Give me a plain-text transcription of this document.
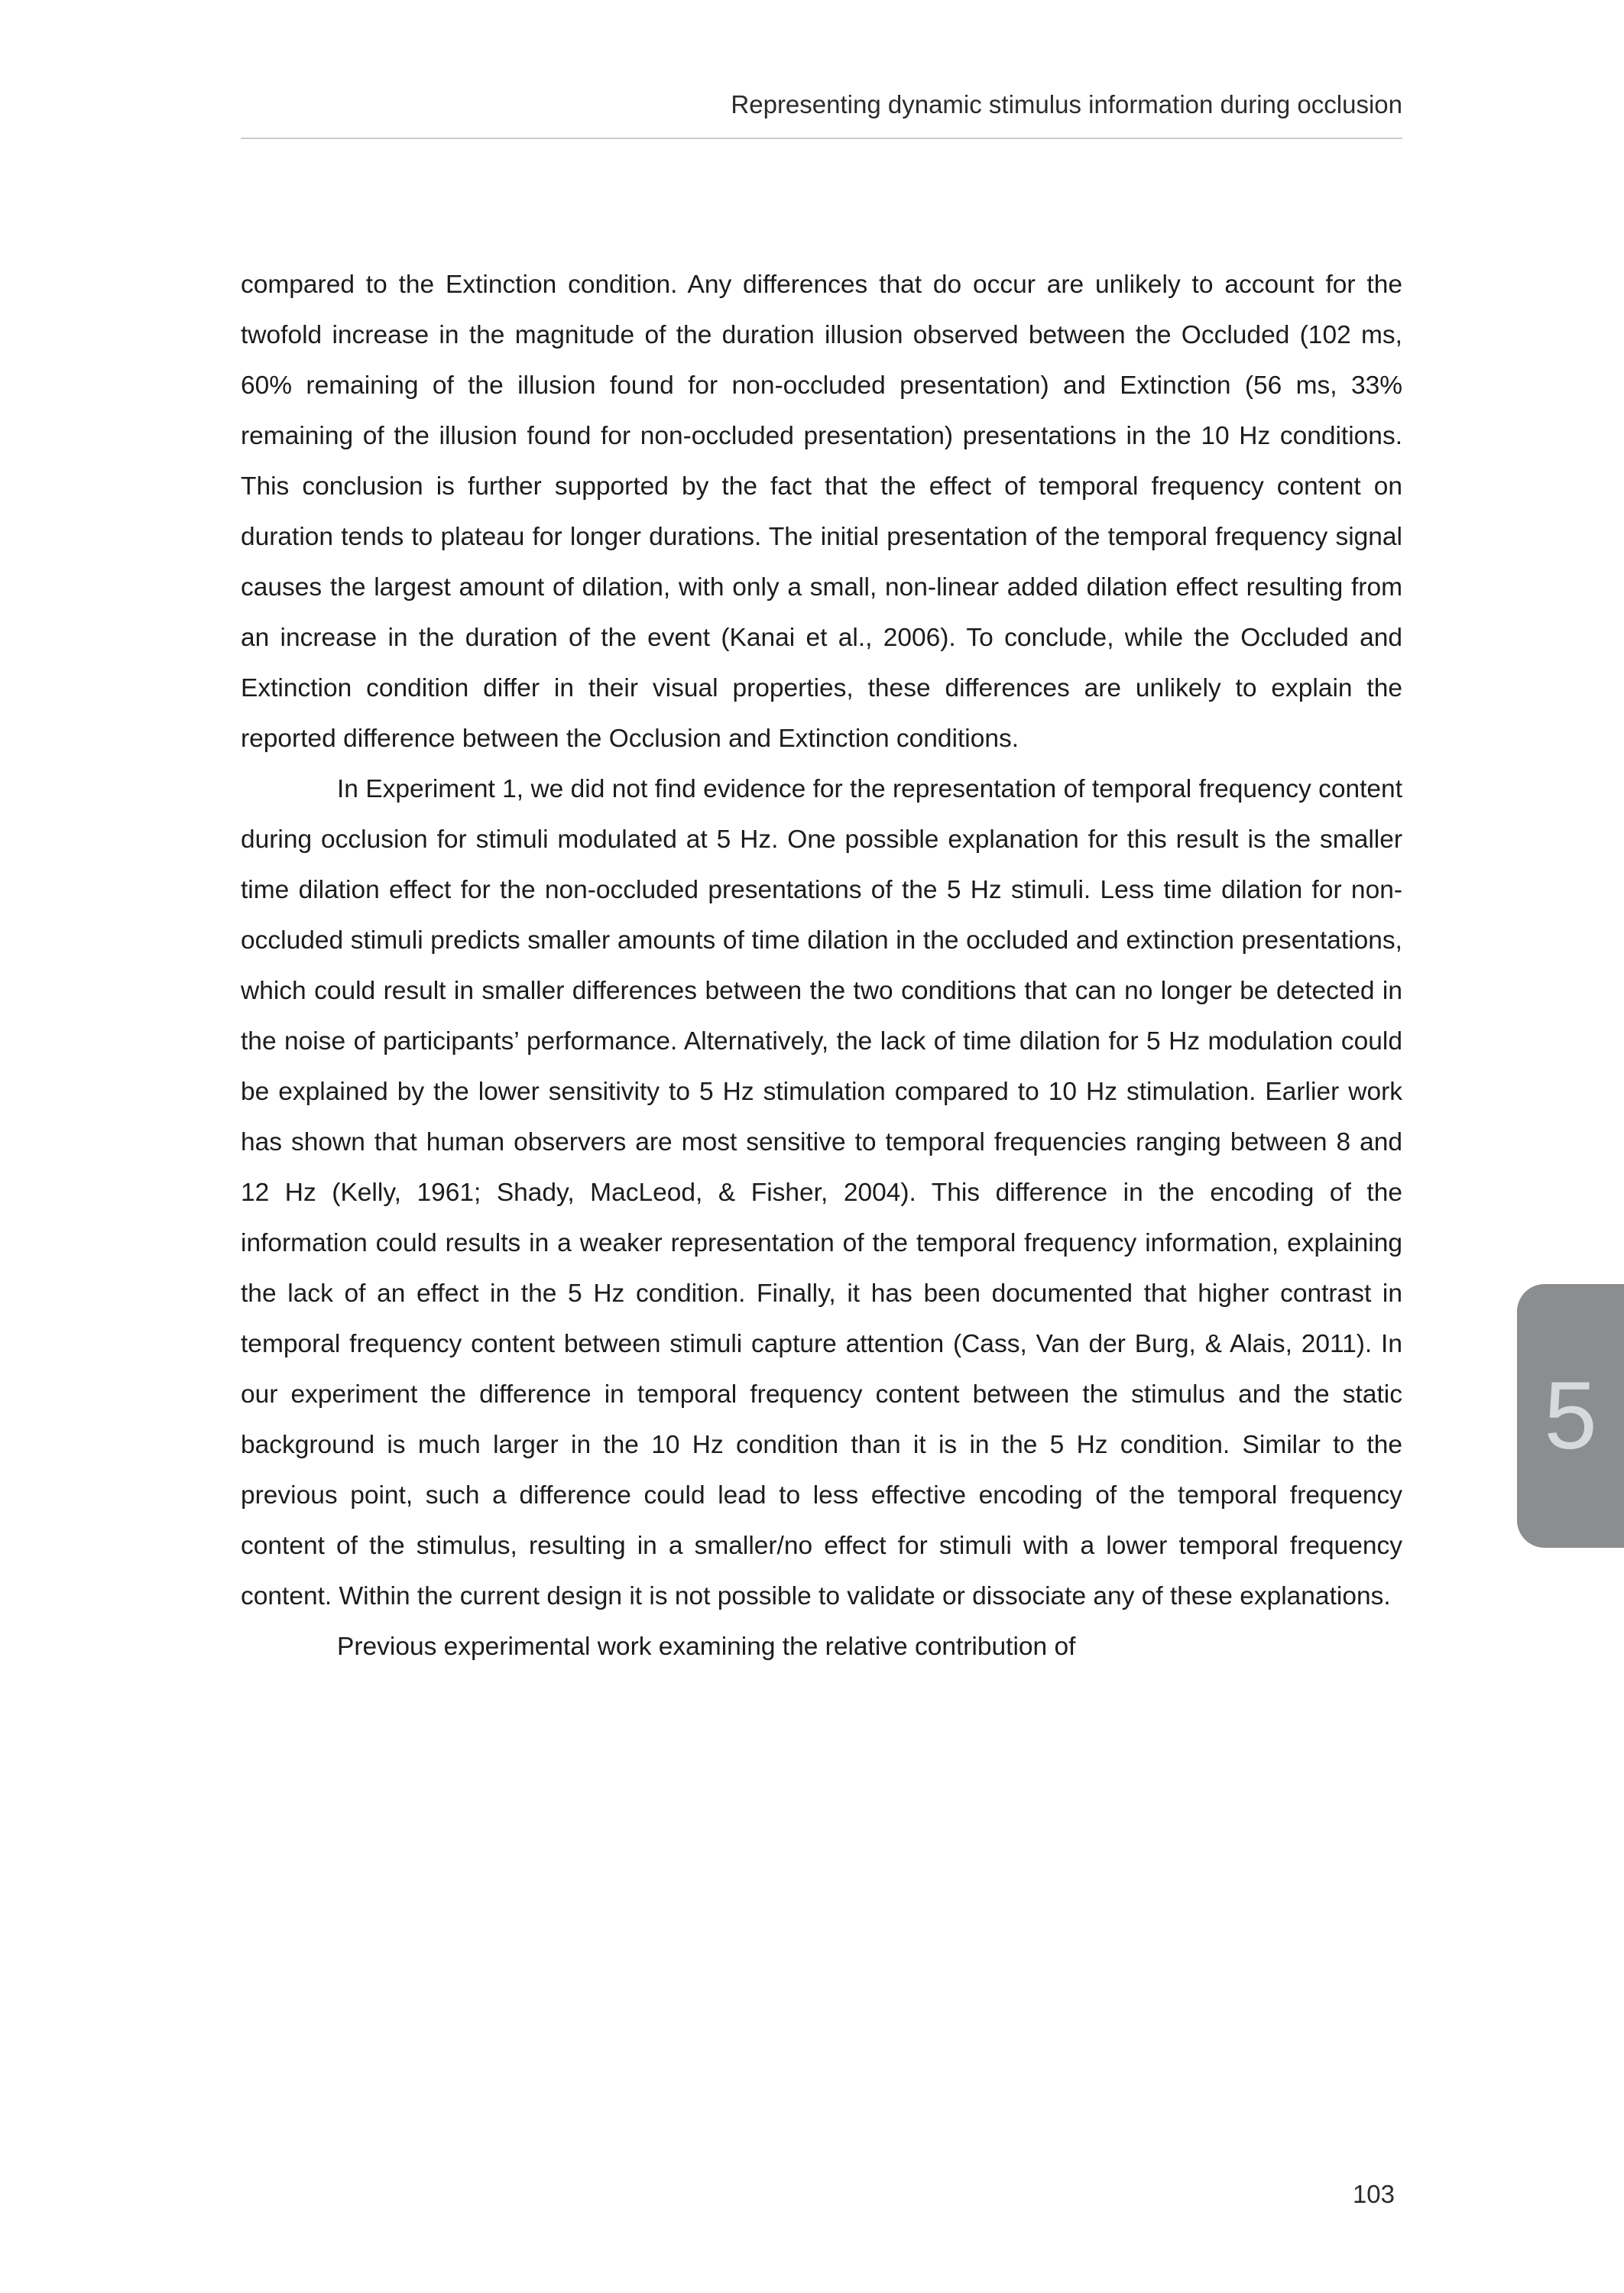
Representing dynamic stimulus information during occlusion

compared to the Extinction condition. Any differences that do occur are unlikely to account for the twofold increase in the magnitude of the duration illusion observed between the Occluded (102 ms, 60% remaining of the illusion found for non-occluded presentation) and Extinction (56 ms, 33% remaining of the illusion found for non-occluded presentation) presentations in the 10 Hz conditions. This conclusion is further supported by the fact that the effect of temporal frequency content on duration tends to plateau for longer durations. The initial presentation of the temporal frequency signal causes the largest amount of dilation, with only a small, non-linear added dilation effect resulting from an increase in the duration of the event (Kanai et al., 2006). To conclude, while the Occluded and Extinction condition differ in their visual properties, these differences are unlikely to explain the reported difference between the Occlusion and Extinction conditions.

In Experiment 1, we did not find evidence for the representation of temporal frequency content during occlusion for stimuli modulated at 5 Hz. One possible explanation for this result is the smaller time dilation effect for the non-occluded presentations of the 5 Hz stimuli. Less time dilation for non-occluded stimuli predicts smaller amounts of time dilation in the occluded and extinction presentations, which could result in smaller differences between the two conditions that can no longer be detected in the noise of participants’ performance. Alternatively, the lack of time dilation for 5 Hz modulation could be explained by the lower sensitivity to 5 Hz stimulation compared to 10 Hz stimulation. Earlier work has shown that human observers are most sensitive to temporal frequencies ranging between 8 and 12 Hz (Kelly, 1961; Shady, MacLeod, & Fisher, 2004). This difference in the encoding of the information could results in a weaker representation of the temporal frequency information, explaining the lack of an effect in the 5 Hz condition. Finally, it has been documented that higher contrast in temporal frequency content between stimuli capture attention (Cass, Van der Burg, & Alais, 2011). In our experiment the difference in temporal frequency content between the stimulus and the static background is much larger in the 10 Hz condition than it is in the 5 Hz condition. Similar to the previous point, such a difference could lead to less effective encoding of the temporal frequency content of the stimulus, resulting in a smaller/no effect for stimuli with a lower temporal frequency content. Within the current design it is not possible to validate or dissociate any of these explanations.

Previous experimental work examining the relative contribution of

5
103
